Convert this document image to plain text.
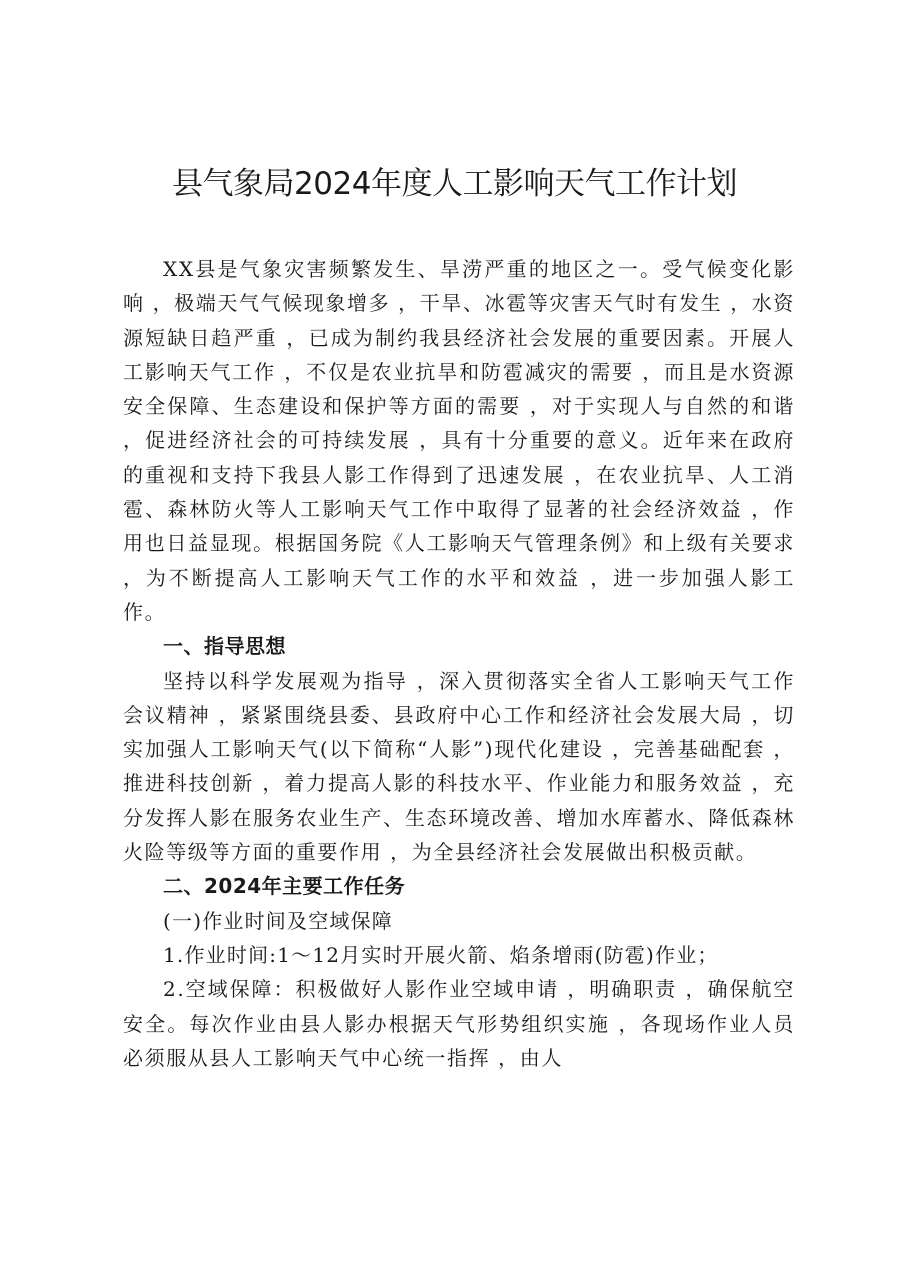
县气象局2024年度人工影响天气工作计划

XX县是气象灾害频繁发生、旱涝严重的地区之一。受气候变化影响 ，极端天气气候现象增多 ，干旱、冰雹等灾害天气时有发生 ，水资源短缺日趋严重 ，已成为制约我县经济社会发展的重要因素。开展人工影响天气工作 ，不仅是农业抗旱和防雹减灾的需要 ，而且是水资源安全保障、生态建设和保护等方面的需要 ，对于实现人与自然的和谐 ，促进经济社会的可持续发展 ，具有十分重要的意义。近年来在政府的重视和支持下我县人影工作得到了迅速发展 ，在农业抗旱、人工消雹、森林防火等人工影响天气工作中取得了显著的社会经济效益 ，作用也日益显现。根据国务院《人工影响天气管理条例》和上级有关要求 ，为不断提高人工影响天气工作的水平和效益 ，进一步加强人影工作。

一、指导思想

坚持以科学发展观为指导 ，深入贯彻落实全省人工影响天气工作会议精神 ，紧紧围绕县委、县政府中心工作和经济社会发展大局 ，切实加强人工影响天气(以下简称“人影”)现代化建设 ，完善基础配套 ，推进科技创新 ，着力提高人影的科技水平、作业能力和服务效益 ，充分发挥人影在服务农业生产、生态环境改善、增加水库蓄水、降低森林火险等级等方面的重要作用 ，为全县经济社会发展做出积极贡献。

二、2024年主要工作任务

(一)作业时间及空域保障

1.作业时间:1～12月实时开展火箭、焰条增雨(防雹)作业；

2.空域保障：积极做好人影作业空域申请 ，明确职责 ，确保航空安全。每次作业由县人影办根据天气形势组织实施 ，各现场作业人员必须服从县人工影响天气中心统一指挥 ，由人
